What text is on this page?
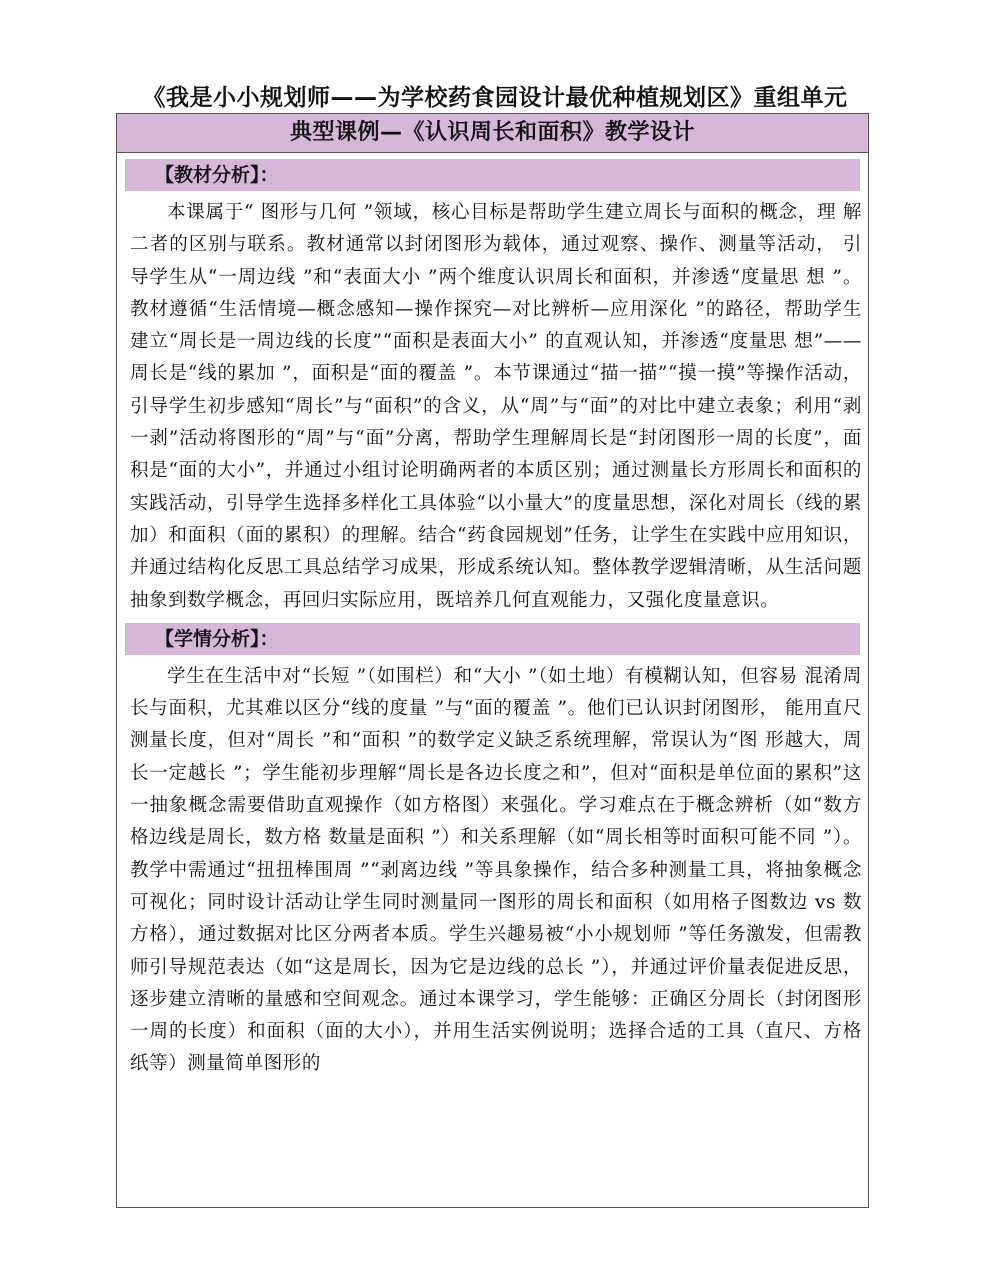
《我是小小规划师——为学校药食园设计最优种植规划区》重组单元
典型课例—《认识周长和面积》教学设计
【教材分析】：

本课属于“ 图形与几何 ”领域，核心目标是帮助学生建立周长与面积的概念，理 解二者的区别与联系。教材通常以封闭图形为载体，通过观察、操作、测量等活动， 引导学生从“一周边线 ”和“表面大小 ”两个维度认识周长和面积，并渗透“度量思 想 ”。教材遵循“生活情境—概念感知—操作探究—对比辨析—应用深化 ”的路径，帮助学生建立“周长是一周边线的长度”“面积是表面大小” 的直观认知，并渗透“度量思 想”——周长是“线的累加 ”，面积是“面的覆盖 ”。本节课通过“描一描”“摸一摸”等操作活动，引导学生初步感知“周长”与“面积”的含义，从“周”与“面”的对比中建立表象；利用“剥一剥”活动将图形的“周”与“面”分离，帮助学生理解周长是“封闭图形一周的长度”，面积是“面的大小”，并通过小组讨论明确两者的本质区别；通过测量长方形周长和面积的实践活动，引导学生选择多样化工具体验“以小量大”的度量思想，深化对周长（线的累加）和面积（面的累积）的理解。结合“药食园规划”任务，让学生在实践中应用知识，并通过结构化反思工具总结学习成果，形成系统认知。整体教学逻辑清晰，从生活问题抽象到数学概念，再回归实际应用，既培养几何直观能力，又强化度量意识。

【学情分析】：

学生在生活中对“长短 ”（如围栏）和“大小 ”（如土地）有模糊认知，但容易 混淆周长与面积，尤其难以区分“线的度量 ”与“面的覆盖 ”。他们已认识封闭图形， 能用直尺测量长度，但对“周长 ”和“面积 ”的数学定义缺乏系统理解，常误认为“图 形越大，周长一定越长 ”；学生能初步理解“周长是各边长度之和”，但对“面积是单位面的累积”这一抽象概念需要借助直观操作（如方格图）来强化。学习难点在于概念辨析（如“数方格边线是周长，数方格 数量是面积 ”）和关系理解（如“周长相等时面积可能不同 ”）。教学中需通过“扭扭棒围周 ”“剥离边线 ”等具象操作，结合多种测量工具，将抽象概念可视化；同时设计活动让学生同时测量同一图形的周长和面积（如用格子图数边 vs 数方格），通过数据对比区分两者本质。学生兴趣易被“小小规划师 ”等任务激发，但需教师引导规范表达（如“这是周长，因为它是边线的总长 ”），并通过评价量表促进反思，逐步建立清晰的量感和空间观念。通过本课学习，学生能够：正确区分周长（封闭图形一周的长度）和面积（面的大小），并用生活实例说明；选择合适的工具（直尺、方格纸等）测量简单图形的
